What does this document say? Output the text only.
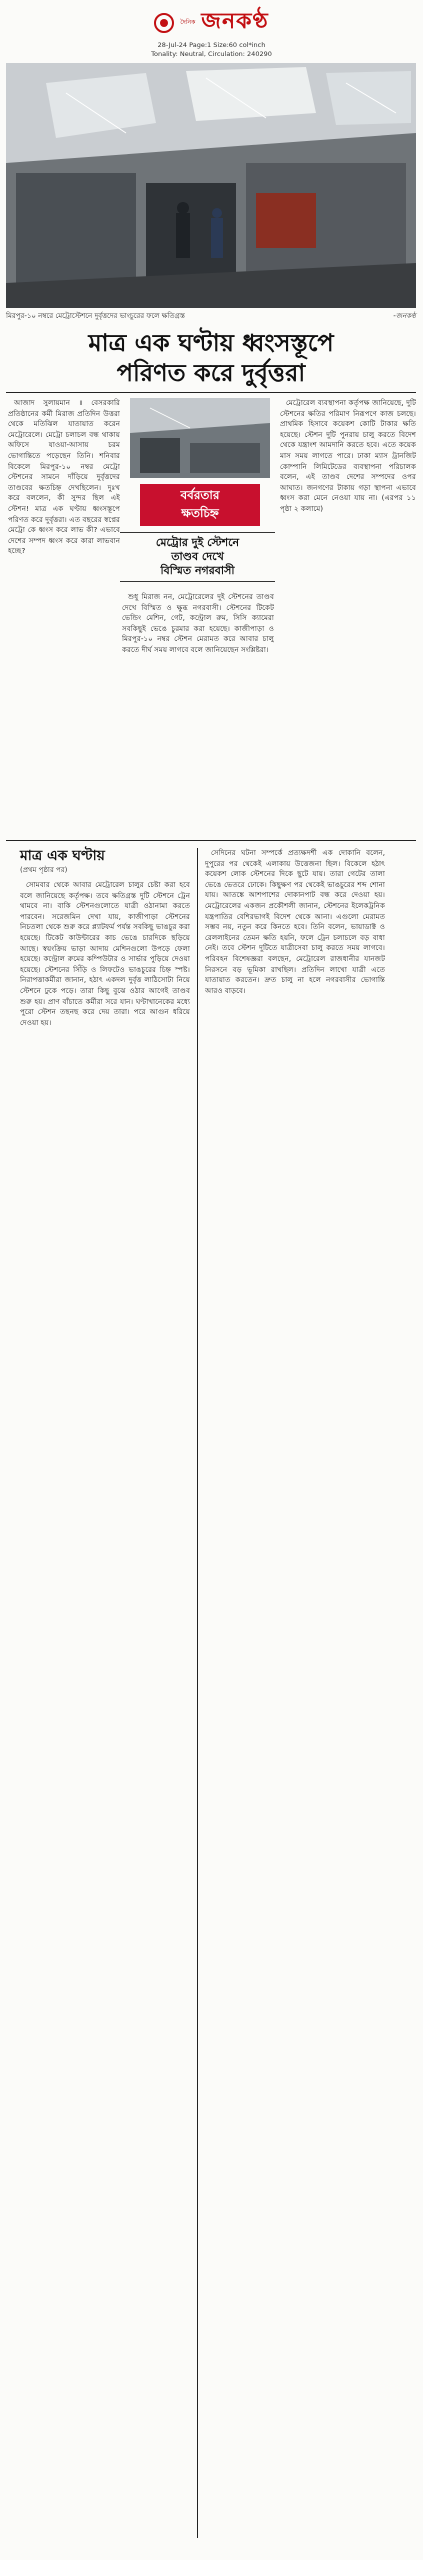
দৈনিক জনকণ্ঠ
28-Jul-24 Page:1 Size:60 col*inch
Tonality: Neutral, Circulation: 240290
মিরপুর-১০ নম্বরে মেট্রোস্টেশনে দুর্বৃত্তদের ভাংচুরের ফলে ক্ষতিগ্রস্ত	-জনকণ্ঠ
মাত্র এক ঘণ্টায় ধ্বংসস্তূপে
পরিণত করে দুর্বৃত্তরা

আজাদ সুলায়মান ॥ বেসরকারি প্রতিষ্ঠানের কর্মী মিরাজ প্রতিদিন উত্তরা থেকে মতিঝিল যাতায়াত করেন মেট্রোরেলে। মেট্রো চলাচল বন্ধ থাকায় অফিসে যাওয়া-আসায় চরম ভোগান্তিতে পড়েছেন তিনি। শনিবার বিকেলে মিরপুর-১০ নম্বর মেট্রো স্টেশনের সামনে দাঁড়িয়ে দুর্বৃত্তদের তাণ্ডবের ক্ষতচিহ্ন দেখছিলেন। দুঃখ করে বললেন, কী সুন্দর ছিল এই স্টেশন! মাত্র এক ঘণ্টায় ধ্বংসস্তূপে পরিণত করে দুর্বৃত্তরা। এত বছরের স্বপ্নের মেট্রো কে ধ্বংস করে লাভ কী? এভাবে দেশের সম্পদ ধ্বংস করে কারা লাভবান হচ্ছে?

বর্বরতার
ক্ষতচিহ্ন
মেট্রোর দুই স্টেশনে
তাণ্ডব দেখে
বিস্মিত নগরবাসী

শুধু মিরাজ নন, মেট্রোরেলের দুই স্টেশনের তাণ্ডব দেখে বিস্মিত ও ক্ষুব্ধ নগরবাসী। স্টেশনের টিকেট ভেন্ডিং মেশিন, গেট, কন্ট্রোল রুম, সিসি ক্যামেরা সবকিছুই ভেঙে চুরমার করা হয়েছে। কাজীপাড়া ও মিরপুর-১০ নম্বর স্টেশন মেরামত করে আবার চালু করতে দীর্ঘ সময় লাগবে বলে জানিয়েছেন সংশ্লিষ্টরা।

মেট্রোরেল ব্যবস্থাপনা কর্তৃপক্ষ জানিয়েছে, দুটি স্টেশনের ক্ষতির পরিমাণ নিরূপণে কাজ চলছে। প্রাথমিক হিসাবে কয়েকশ কোটি টাকার ক্ষতি হয়েছে। স্টেশন দুটি পুনরায় চালু করতে বিদেশ থেকে যন্ত্রাংশ আমদানি করতে হবে। এতে কয়েক মাস সময় লাগতে পারে। ঢাকা ম্যাস ট্রানজিট কোম্পানি লিমিটেডের ব্যবস্থাপনা পরিচালক বলেন, এই তাণ্ডব দেশের সম্পদের ওপর আঘাত। জনগণের টাকায় গড়া স্থাপনা এভাবে ধ্বংস করা মেনে নেওয়া যায় না। (এরপর ১১ পৃষ্ঠা ২ কলামে)

মাত্র এক ঘণ্টায়
(প্রথম পৃষ্ঠার পর)

সোমবার থেকে আবার মেট্রোরেল চালুর চেষ্টা করা হবে বলে জানিয়েছে কর্তৃপক্ষ। তবে ক্ষতিগ্রস্ত দুটি স্টেশনে ট্রেন থামবে না। বাকি স্টেশনগুলোতে যাত্রী ওঠানামা করতে পারবেন। সরেজমিন দেখা যায়, কাজীপাড়া স্টেশনের নিচতলা থেকে শুরু করে প্ল্যাটফর্ম পর্যন্ত সবকিছু ভাঙচুর করা হয়েছে। টিকেট কাউন্টারের কাচ ভেঙে চারদিকে ছড়িয়ে আছে। স্বয়ংক্রিয় ভাড়া আদায় মেশিনগুলো উপড়ে ফেলা হয়েছে। কন্ট্রোল রুমের কম্পিউটার ও সার্ভার পুড়িয়ে দেওয়া হয়েছে। স্টেশনের সিঁড়ি ও লিফটেও ভাঙচুরের চিহ্ন স্পষ্ট। নিরাপত্তাকর্মীরা জানান, হঠাৎ একদল দুর্বৃত্ত লাঠিসোটা নিয়ে স্টেশনে ঢুকে পড়ে। তারা কিছু বুঝে ওঠার আগেই তাণ্ডব শুরু হয়। প্রাণ বাঁচাতে কর্মীরা সরে যান। ঘণ্টাখানেকের মধ্যে পুরো স্টেশন তছনছ করে দেয় তারা। পরে আগুন ধরিয়ে দেওয়া হয়।

সেদিনের ঘটনা সম্পর্কে প্রত্যক্ষদর্শী এক দোকানি বলেন, দুপুরের পর থেকেই এলাকায় উত্তেজনা ছিল। বিকেলে হঠাৎ কয়েকশ লোক স্টেশনের দিকে ছুটে যায়। তারা গেটের তালা ভেঙে ভেতরে ঢোকে। কিছুক্ষণ পর থেকেই ভাঙচুরের শব্দ শোনা যায়। আতঙ্কে আশপাশের দোকানপাট বন্ধ করে দেওয়া হয়। মেট্রোরেলের একজন প্রকৌশলী জানান, স্টেশনের ইলেকট্রনিক যন্ত্রপাতির বেশিরভাগই বিদেশ থেকে আনা। এগুলো মেরামত সম্ভব নয়, নতুন করে কিনতে হবে। তিনি বলেন, ভায়াডাক্ট ও রেললাইনের তেমন ক্ষতি হয়নি, ফলে ট্রেন চলাচলে বড় বাধা নেই। তবে স্টেশন দুটিতে যাত্রীসেবা চালু করতে সময় লাগবে। পরিবহন বিশেষজ্ঞরা বলছেন, মেট্রোরেল রাজধানীর যানজট নিরসনে বড় ভূমিকা রাখছিল। প্রতিদিন লাখো যাত্রী এতে যাতায়াত করতেন। দ্রুত চালু না হলে নগরবাসীর ভোগান্তি আরও বাড়বে।
